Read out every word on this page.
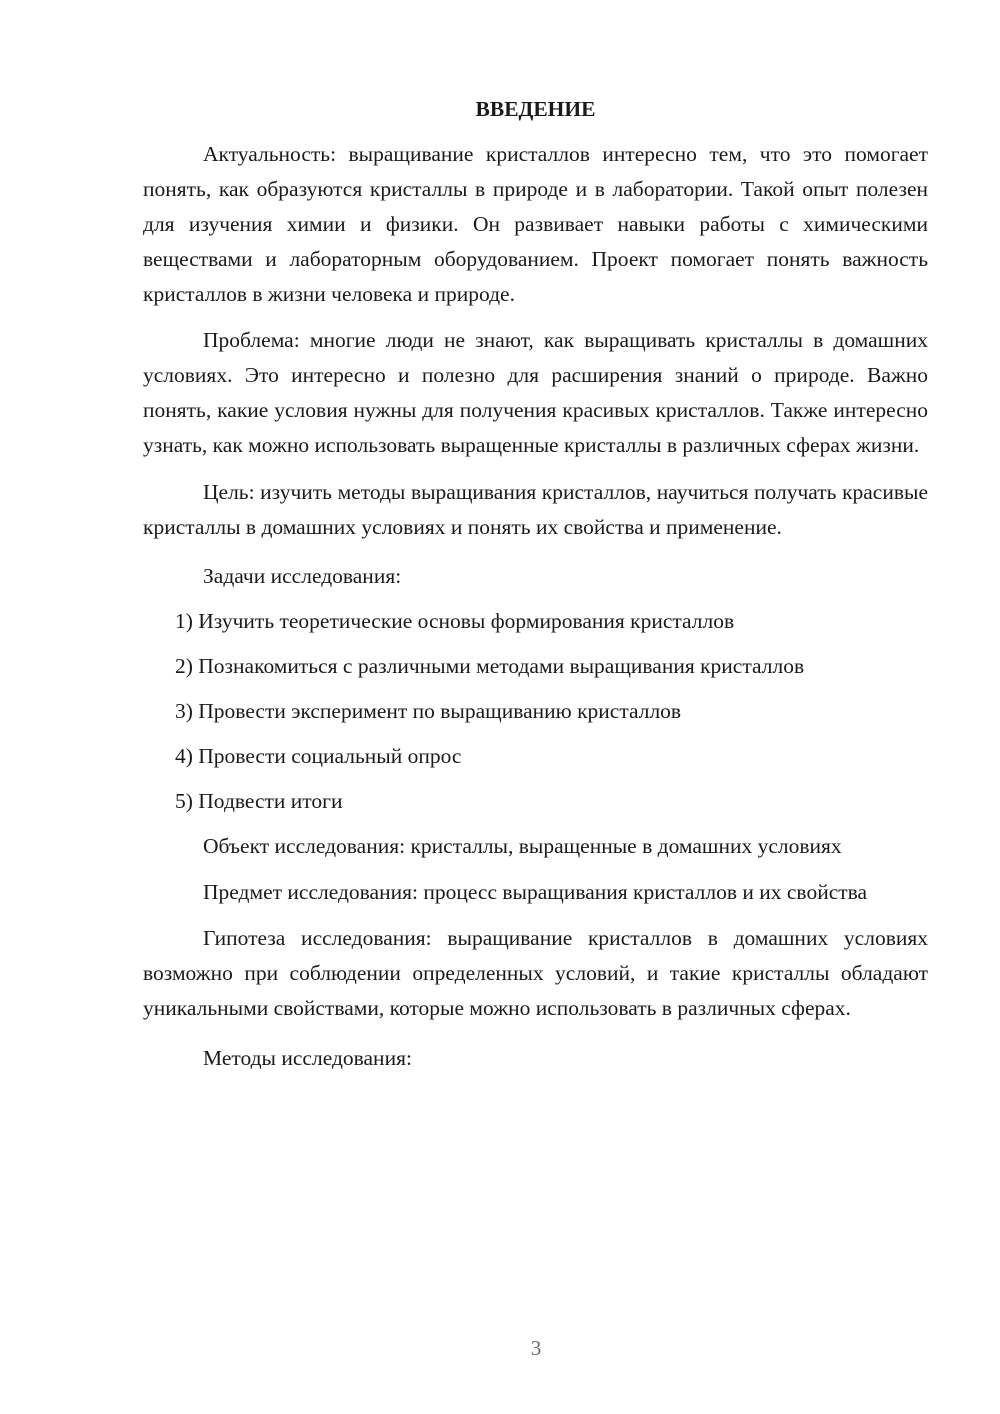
ВВЕДЕНИЕ

Актуальность: выращивание кристаллов интересно тем, что это помогает понять, как образуются кристаллы в природе и в лаборатории. Такой опыт полезен для изучения химии и физики. Он развивает навыки работы с химическими веществами и лабораторным оборудованием. Проект помогает понять важность кристаллов в жизни человека и природе.

Проблема: многие люди не знают, как выращивать кристаллы в домашних условиях. Это интересно и полезно для расширения знаний о природе. Важно понять, какие условия нужны для получения красивых кристаллов. Также интересно узнать, как можно использовать выращенные кристаллы в различных сферах жизни.

Цель: изучить методы выращивания кристаллов, научиться получать красивые кристаллы в домашних условиях и понять их свойства и применение.

Задачи исследования:

1) Изучить теоретические основы формирования кристаллов

2) Познакомиться с различными методами выращивания кристаллов

3) Провести эксперимент по выращиванию кристаллов

4) Провести социальный опрос

5) Подвести итоги

Объект исследования: кристаллы, выращенные в домашних условиях

Предмет исследования: процесс выращивания кристаллов и их свойства

Гипотеза исследования: выращивание кристаллов в домашних условиях возможно при соблюдении определенных условий, и такие кристаллы обладают уникальными свойствами, которые можно использовать в различных сферах.

Методы исследования:

3
